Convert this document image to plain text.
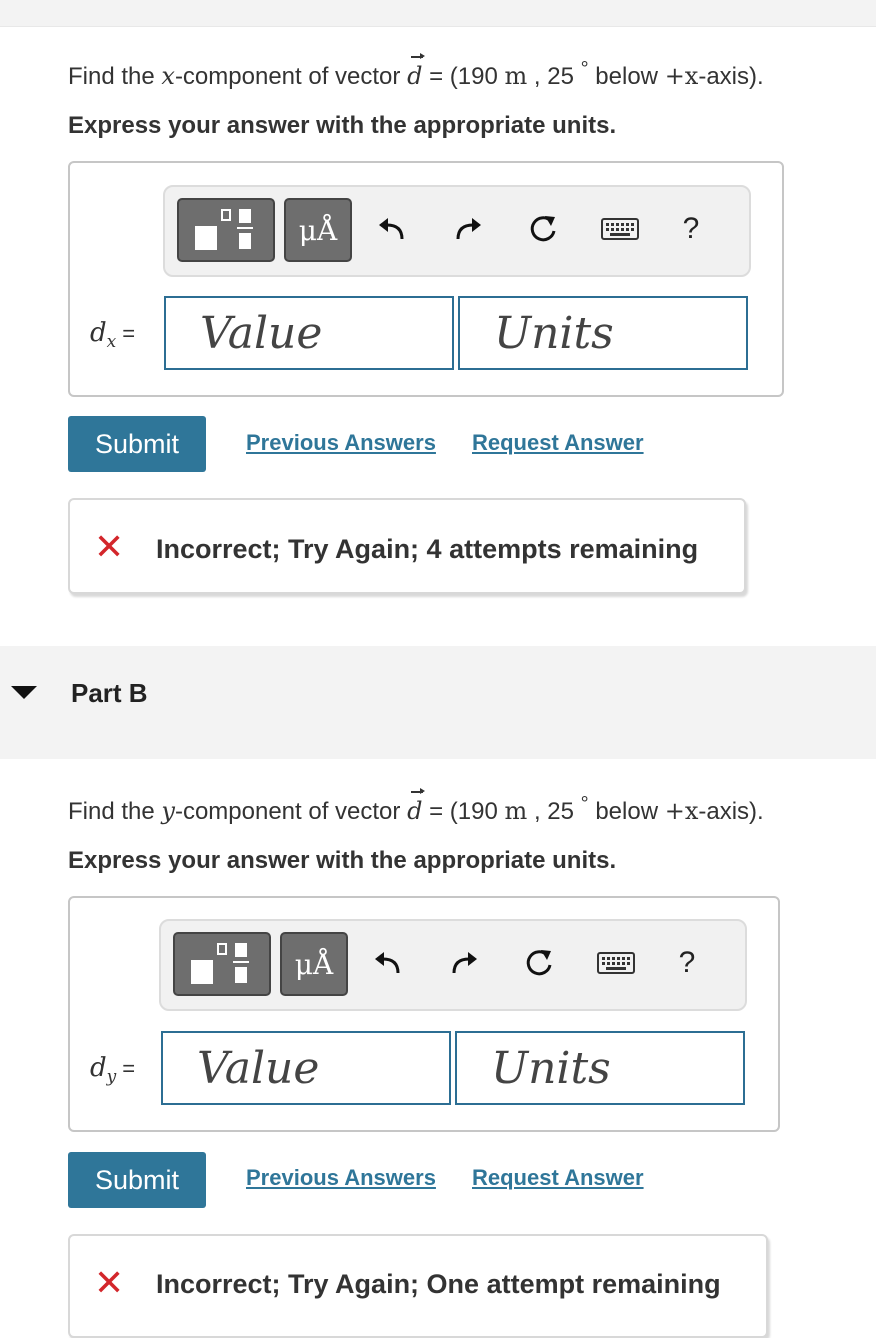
Find the x-component of vector d = (190 m , 25 ° below +x-axis).
Express your answer with the appropriate units.
μÅ	?
$d_x$ = Value	Units
Submit	Previous Answers Request Answer
✕ Incorrect; Try Again; 4 attempts remaining
Part B
Find the y-component of vector d = (190 m , 25 ° below +x-axis).
Express your answer with the appropriate units.
μÅ	?
$d_y$ = Value	Units
Submit	Previous Answers Request Answer
✕ Incorrect; Try Again; One attempt remaining
